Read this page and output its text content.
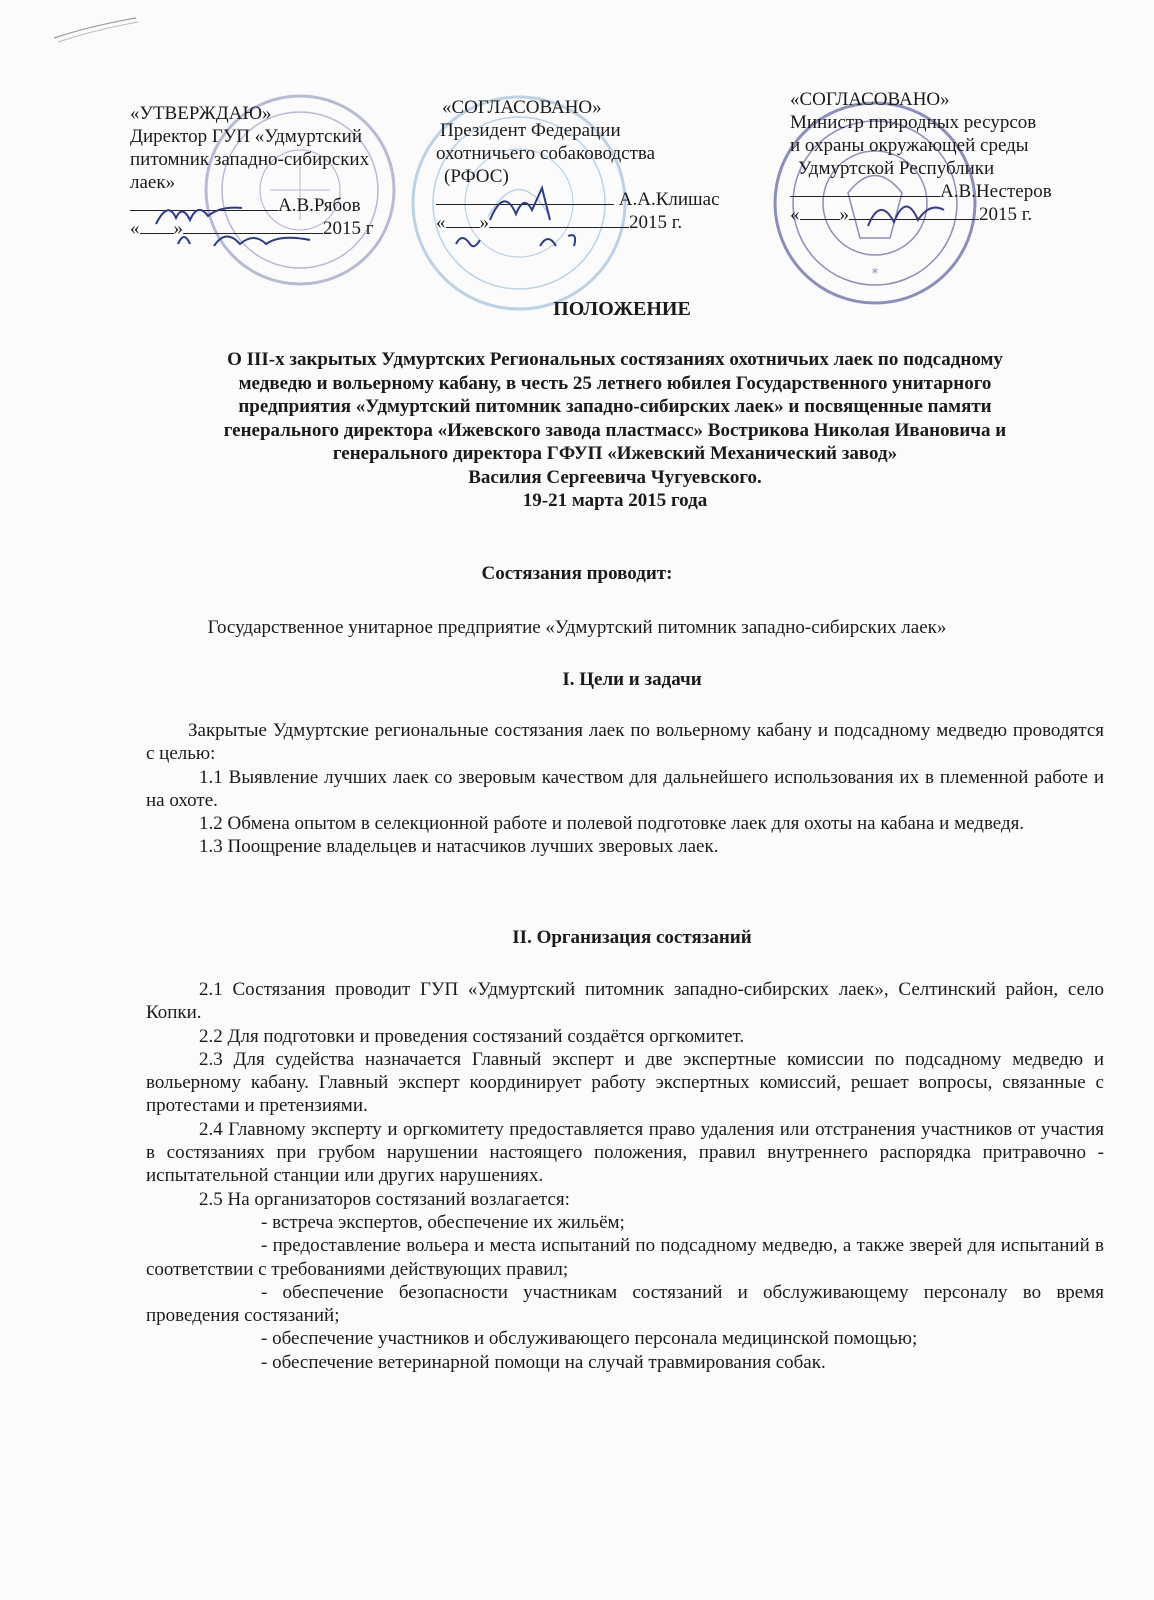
*
«УТВЕРЖДАЮ»
Директор ГУП «Удмуртский
питомник западно-сибирских
лаек»
А.В.Рябов
« »	2015 г
«СОГЛАСОВАНО»
Президент Федерации
охотничьего собаководства
(РФОС)
А.А.Клишас
« »	2015 г.
«СОГЛАСОВАНО»
Министр природных ресурсов
и охраны окружающей среды
Удмуртской Республики
А.В.Нестеров
« »	2015 г.
ПОЛОЖЕНИЕ
О III-х закрытых Удмуртских Региональных состязаниях охотничьих лаек по подсадному
медведю и вольерному кабану, в честь 25 летнего юбилея Государственного унитарного
предприятия «Удмуртский питомник западно-сибирских лаек» и посвященные памяти
генерального директора «Ижевского завода пластмасс» Вострикова Николая Ивановича и
генерального директора ГФУП «Ижевский Механический завод»
Василия Сергеевича Чугуевского.
19-21 марта 2015 года
Состязания проводит:
Государственное унитарное предприятие «Удмуртский питомник западно-сибирских лаек»
I. Цели и задачи

Закрытые Удмуртские региональные состязания лаек по вольерному кабану и подсадному медведю проводятся с целью:

1.1 Выявление лучших лаек со зверовым качеством для дальнейшего использования их в племенной работе и на охоте.

1.2 Обмена опытом в селекционной работе и полевой подготовке лаек для охоты на кабана и медведя.

1.3 Поощрение владельцев и натасчиков лучших зверовых лаек.

II. Организация состязаний

2.1 Состязания проводит ГУП «Удмуртский питомник западно-сибирских лаек», Селтинский район, село Копки.

2.2 Для подготовки и проведения состязаний создаётся оргкомитет.

2.3 Для судейства назначается Главный эксперт и две экспертные комиссии по подсадному медведю и вольерному кабану. Главный эксперт координирует работу экспертных комиссий, решает вопросы, связанные с протестами и претензиями.

2.4 Главному эксперту и оргкомитету предоставляется право удаления или отстранения участников от участия в состязаниях при грубом нарушении настоящего положения, правил внутреннего распорядка притравочно - испытательной станции или других нарушениях.

2.5 На организаторов состязаний возлагается:

- встреча экспертов, обеспечение их жильём;

- предоставление вольера и места испытаний по подсадному медведю, а также зверей для испытаний в соответствии с требованиями действующих правил;

- обеспечение безопасности участникам состязаний и обслуживающему персоналу во время проведения состязаний;

- обеспечение участников и обслуживающего персонала медицинской помощью;

- обеспечение ветеринарной помощи на случай травмирования собак.
